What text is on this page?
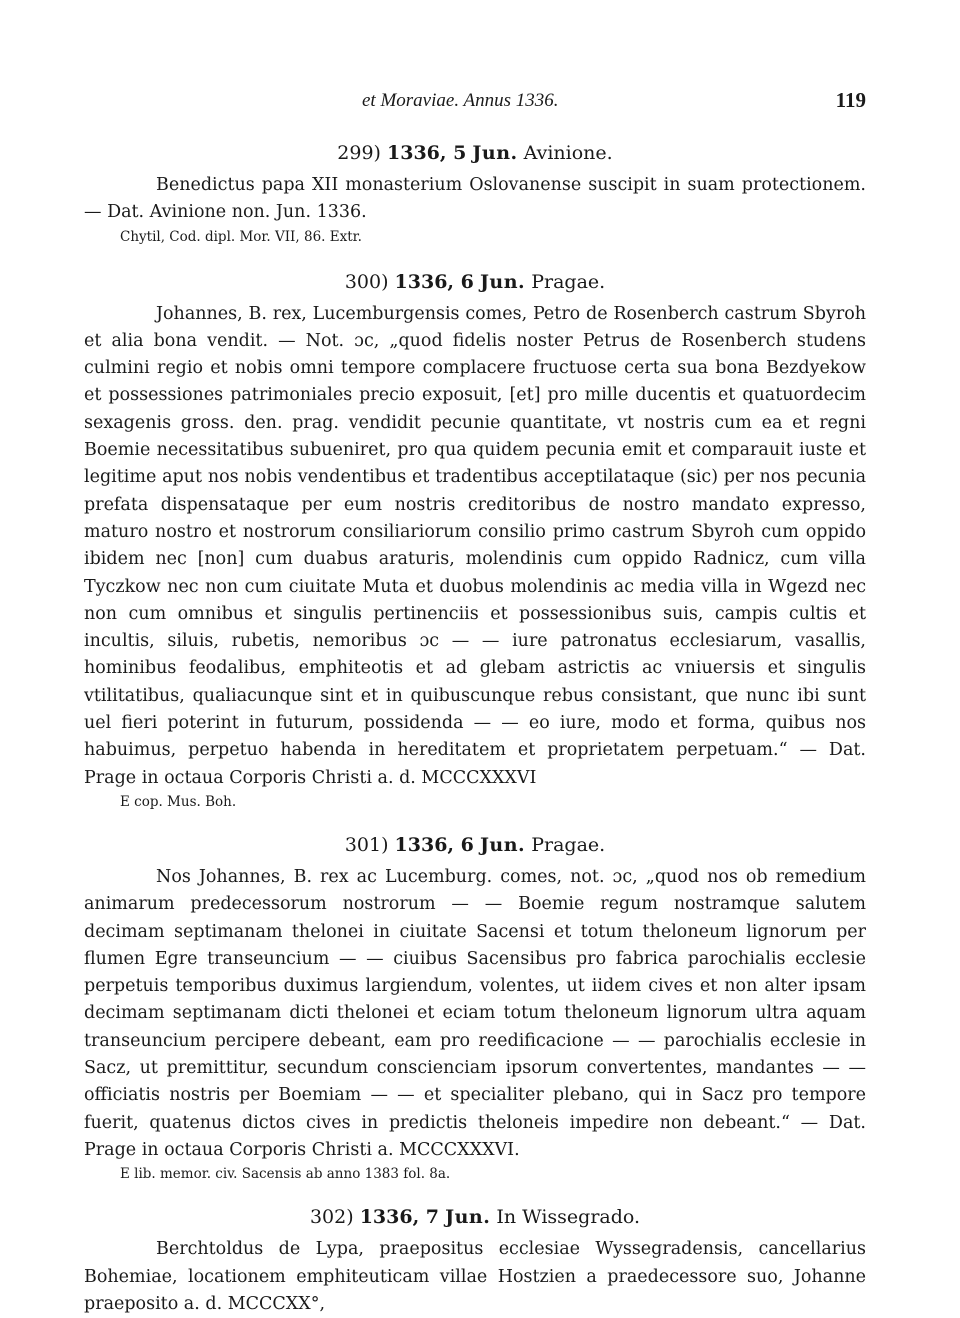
et Moraviae. Annus 1336.	119
299) 1336, 5 Jun. Avinione.

Benedictus papa XII monasterium Oslovanense suscipit in suam protectionem. — Dat. Avinione non. Jun. 1336.

Chytil, Cod. dipl. Mor. VII, 86. Extr.
300) 1336, 6 Jun. Pragae.

Johannes, B. rex, Lucemburgensis comes, Petro de Rosenberch castrum Sbyroh et alia bona vendit. — Not. ɔc, „quod fidelis noster Petrus de Rosenberch studens culmini regio et nobis omni tempore complacere fructuose certa sua bona Bezdyekow et possessiones patrimoniales precio exposuit, [et] pro mille ducentis et quatuordecim sexagenis gross. den. prag. vendidit pecunie quantitate, vt nostris cum ea et regni Boemie necessitatibus subueniret, pro qua quidem pecunia emit et comparauit iuste et legitime aput nos nobis vendentibus et tradentibus acceptilataque (sic) per nos pecunia prefata dispensataque per eum nostris creditoribus de nostro mandato expresso, maturo nostro et nostrorum consiliariorum consilio primo castrum Sbyroh cum oppido ibidem nec [non] cum duabus araturis, molendinis cum oppido Radnicz, cum villa Tyczkow nec non cum ciuitate Muta et duobus molendinis ac media villa in Wgezd nec non cum omnibus et singulis pertinenciis et possessionibus suis, campis cultis et incultis, siluis, rubetis, nemoribus ɔc — — iure patronatus ecclesiarum, vasallis, hominibus feodalibus, emphiteotis et ad glebam astrictis ac vniuersis et singulis vtilitatibus, qualiacunque sint et in quibuscunque rebus consistant, que nunc ibi sunt uel fieri poterint in futurum, possidenda — — eo iure, modo et forma, quibus nos habuimus, perpetuo habenda in hereditatem et proprietatem perpetuam.“ — Dat. Prage in octaua Corporis Christi a. d. MCCCXXXVI

E cop. Mus. Boh.
301) 1336, 6 Jun. Pragae.

Nos Johannes, B. rex ac Lucemburg. comes, not. ɔc, „quod nos ob remedium animarum predecessorum nostrorum — — Boemie regum nostramque salutem decimam septimanam thelonei in ciuitate Sacensi et totum theloneum lignorum per flumen Egre transeuncium — — ciuibus Sacensibus pro fabrica parochialis ecclesie perpetuis temporibus duximus largiendum, volentes, ut iidem cives et non alter ipsam decimam septimanam dicti thelonei et eciam totum theloneum lignorum ultra aquam transeuncium percipere debeant, eam pro reedificacione — — parochialis ecclesie in Sacz, ut premittitur, secundum conscienciam ipsorum convertentes, mandantes — — officiatis nostris per Boemiam — — et specialiter plebano, qui in Sacz pro tempore fuerit, quatenus dictos cives in predictis theloneis impedire non debeant.“ — Dat. Prage in octaua Corporis Christi a. MCCCXXXVI.

E lib. memor. civ. Sacensis ab anno 1383 fol. 8a.
302) 1336, 7 Jun. In Wissegrado.

Berchtoldus de Lypa, praepositus ecclesiae Wyssegradensis, cancellarius Bohemiae, locationem emphiteuticam villae Hostzien a praedecessore suo, Johanne praeposito a. d. MCCCXX°,
